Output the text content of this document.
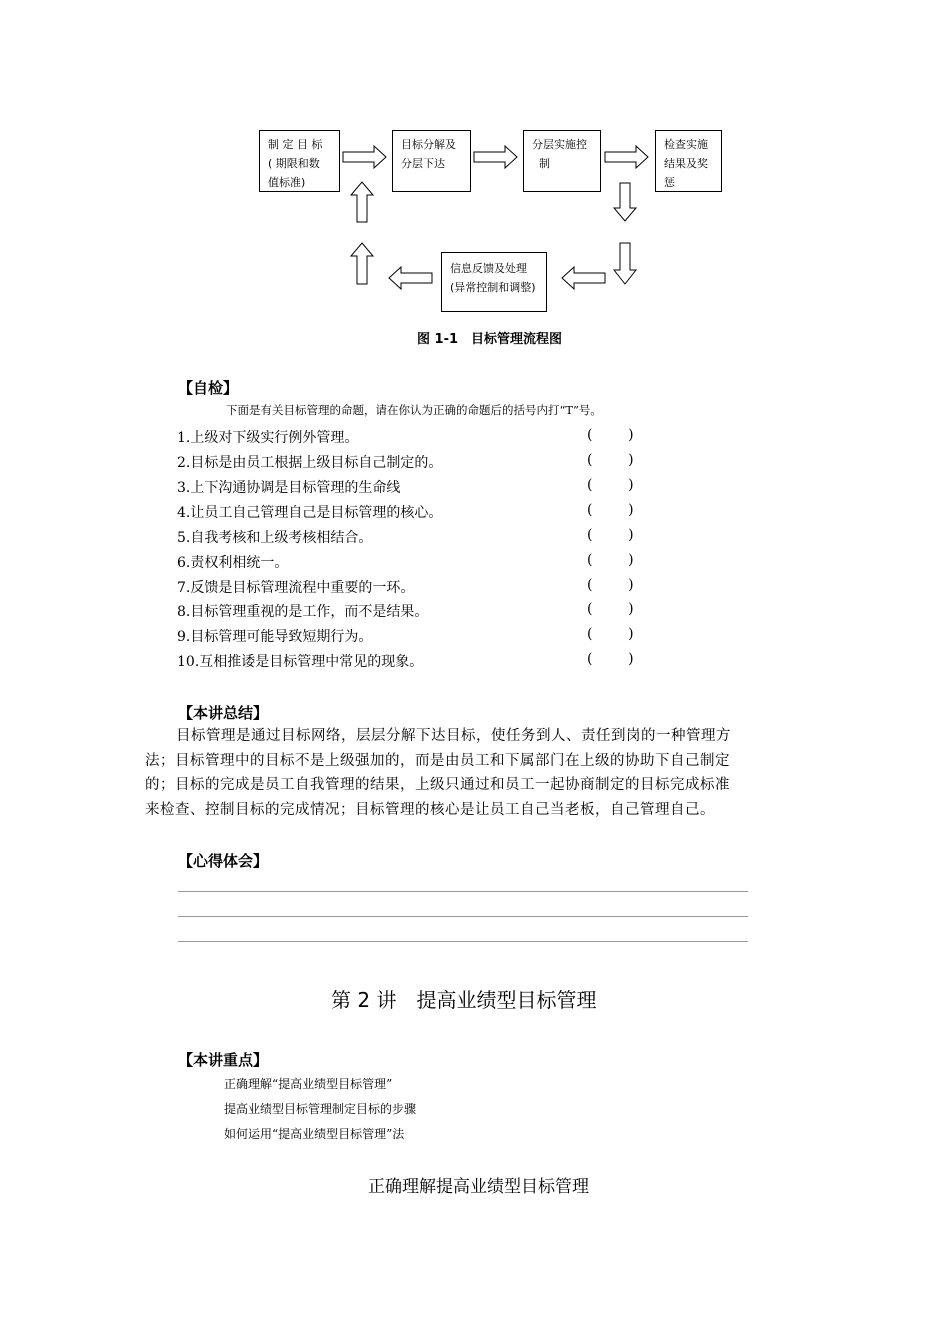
制 定 目 标
( 期限和数
值标准)
目标分解及
分层下达
分层实施控
制
检查实施
结果及奖
惩
信息反馈及处理
(异常控制和调整)
图 1-1　目标管理流程图
【自检】
下面是有关目标管理的命题，请在你认为正确的命题后的括号内打“T”号。
1.上级对下级实行例外管理。	(        )
2.目标是由员工根据上级目标自己制定的。	(        )
3.上下沟通协调是目标管理的生命线	(        )
4.让员工自己管理自己是目标管理的核心。	(        )
5.自我考核和上级考核相结合。	(        )
6.责权利相统一。	(        )
7.反馈是目标管理流程中重要的一环。	(        )
8.目标管理重视的是工作，而不是结果。	(        )
9.目标管理可能导致短期行为。	(        )
10.互相推诿是目标管理中常见的现象。	(        )
【本讲总结】
目标管理是通过目标网络，层层分解下达目标，使任务到人、责任到岗的一种管理方
法；目标管理中的目标不是上级强加的，而是由员工和下属部门在上级的协助下自己制定
的；目标的完成是员工自我管理的结果，上级只通过和员工一起协商制定的目标完成标准
来检查、控制目标的完成情况；目标管理的核心是让员工自己当老板，自己管理自己。
【心得体会】
第 2 讲　提高业绩型目标管理
【本讲重点】
正确理解“提高业绩型目标管理”
提高业绩型目标管理制定目标的步骤
如何运用“提高业绩型目标管理”法
正确理解提高业绩型目标管理
